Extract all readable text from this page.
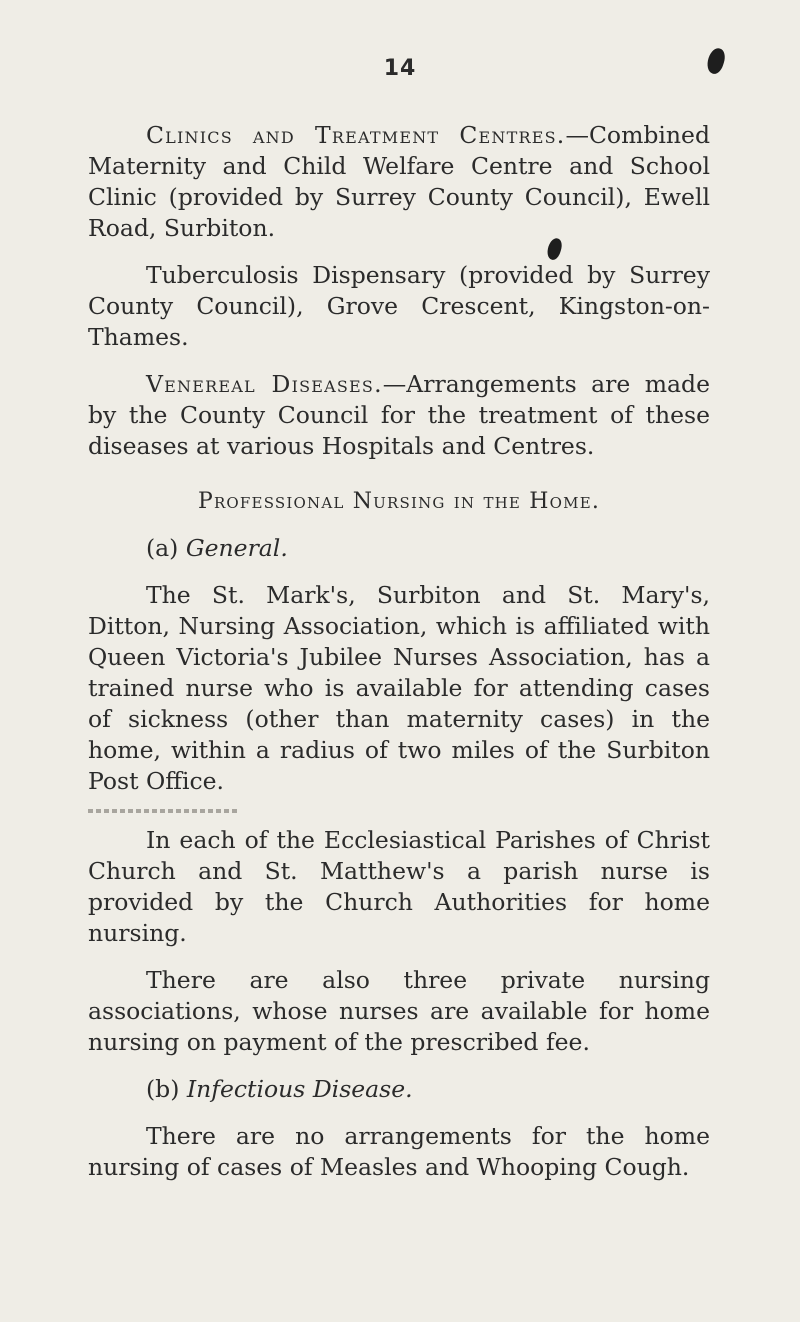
14

Clinics and Treatment Centres.—Combined Maternity and Child Welfare Centre and School Clinic (provided by Surrey County Council), Ewell Road, Surbiton.

Tuberculosis Dispensary (provided by Surrey County Council), Grove Crescent, Kingston-on-Thames.

Venereal Diseases.—Arrangements are made by the County Council for the treatment of these diseases at various Hospitals and Centres.

Professional Nursing in the Home.

(a) General.

The St. Mark's, Surbiton and St. Mary's, Ditton, Nursing Association, which is affiliated with Queen Victoria's Jubilee Nurses Association, has a trained nurse who is available for attending cases of sickness (other than maternity cases) in the home, within a radius of two miles of the Surbiton Post Office.

In each of the Ecclesiastical Parishes of Christ Church and St. Matthew's a parish nurse is provided by the Church Authorities for home nursing.

There are also three private nursing associations, whose nurses are available for home nursing on payment of the prescribed fee.

(b) Infectious Disease.

There are no arrangements for the home nursing of cases of Measles and Whooping Cough.
